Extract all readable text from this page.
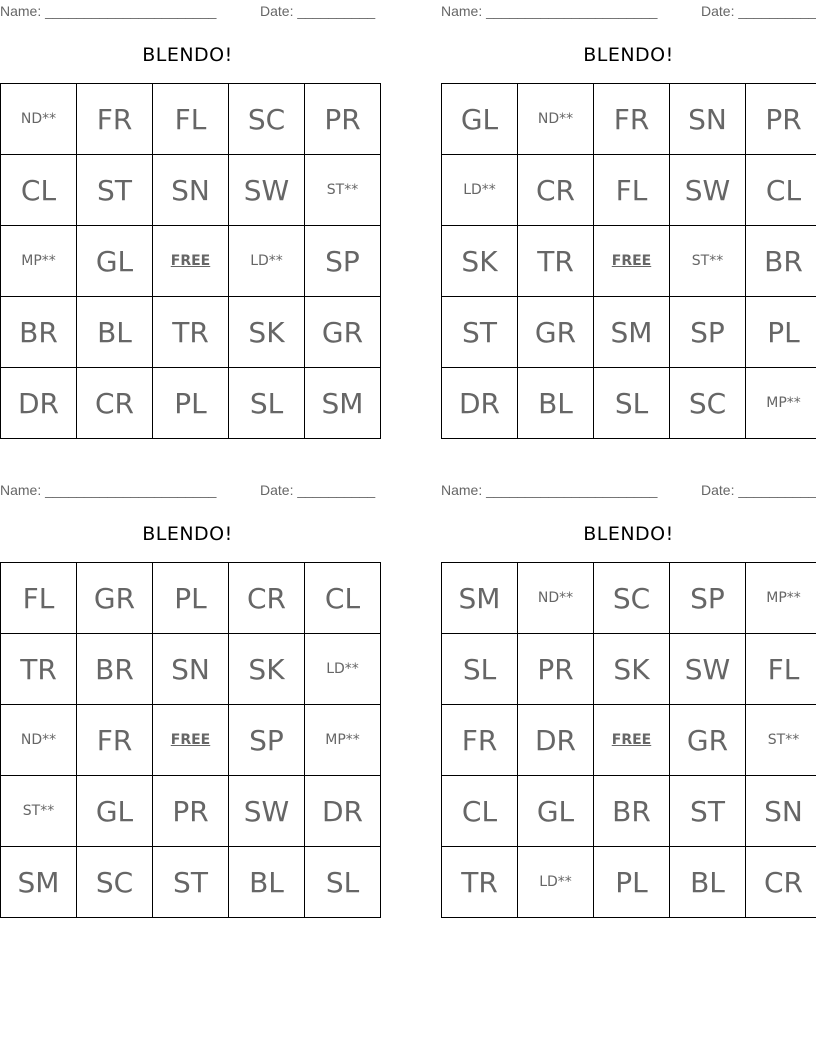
Name: ______________________	Date: __________
BLENDO!
ND**	FR	FL	SC	PR
CL	ST	SN	SW	ST**
MP**	GL	FREE	LD**	SP
BR	BL	TR	SK	GR
DR	CR	PL	SL	SM
Name: ______________________	Date: __________
BLENDO!
GL	ND**	FR	SN	PR
LD**	CR	FL	SW	CL
SK	TR	FREE	ST**	BR
ST	GR	SM	SP	PL
DR	BL	SL	SC	MP**
Name: ______________________	Date: __________
BLENDO!
FL	GR	PL	CR	CL
TR	BR	SN	SK	LD**
ND**	FR	FREE	SP	MP**
ST**	GL	PR	SW	DR
SM	SC	ST	BL	SL
Name: ______________________	Date: __________
BLENDO!
SM	ND**	SC	SP	MP**
SL	PR	SK	SW	FL
FR	DR	FREE	GR	ST**
CL	GL	BR	ST	SN
TR	LD**	PL	BL	CR
